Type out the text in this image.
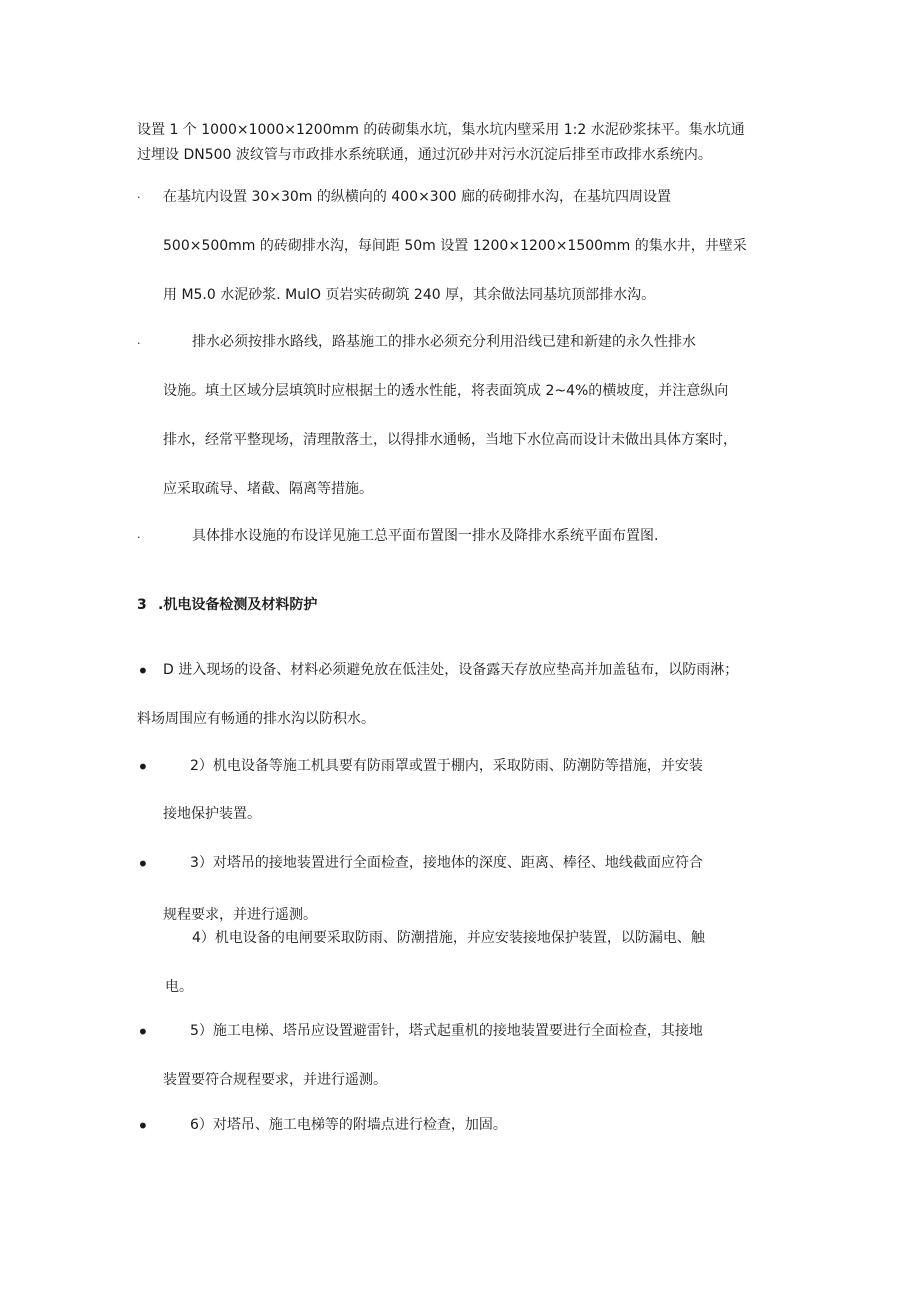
设置 1 个 1000×1000×1200mm 的砖砌集水坑，集水坑内壁采用 1:2 水泥砂浆抹平。集水坑通

过埋设 DN500 波纹管与市政排水系统联通，通过沉砂井对污水沉淀后排至市政排水系统内。

· 在基坑内设置 30×30m 的纵横向的 400×300 廊的砖砌排水沟，在基坑四周设置

500×500mm 的砖砌排水沟，每间距 50m 设置 1200×1200×1500mm 的集水井，井壁采

用 M5.0 水泥砂浆. MulO 页岩实砖砌筑 240 厚，其余做法同基坑顶部排水沟。

·	排水必须按排水路线，路基施工的排水必须充分利用沿线已建和新建的永久性排水

设施。填土区域分层填筑时应根据土的透水性能，将表面筑成 2~4%的横坡度，并注意纵向

排水，经常平整现场，清理散落土，以得排水通畅，当地下水位高而设计未做出具体方案时，

应采取疏导、堵截、隔离等措施。

·	具体排水设施的布设详见施工总平面布置图一排水及降排水系统平面布置图.

3 .机电设备检测及材料防护
• D 进入现场的设备、材料必须避免放在低洼处，设备露天存放应垫高并加盖毡布，以防雨淋；

料场周围应有畅通的排水沟以防积水。

•	2）机电设备等施工机具要有防雨罩或置于棚内，采取防雨、防潮防等措施，并安装

接地保护装置。

•	3）对塔吊的接地装置进行全面检查，接地体的深度、距离、棒径、地线截面应符合

规程要求，并进行遥测。

4）机电设备的电闸要采取防雨、防潮措施，并应安装接地保护装置，以防漏电、触

电。

•	5）施工电梯、塔吊应设置避雷针，塔式起重机的接地装置要进行全面检查，其接地

装置要符合规程要求，并进行遥测。

•	6）对塔吊、施工电梯等的附墙点进行检查，加固。
